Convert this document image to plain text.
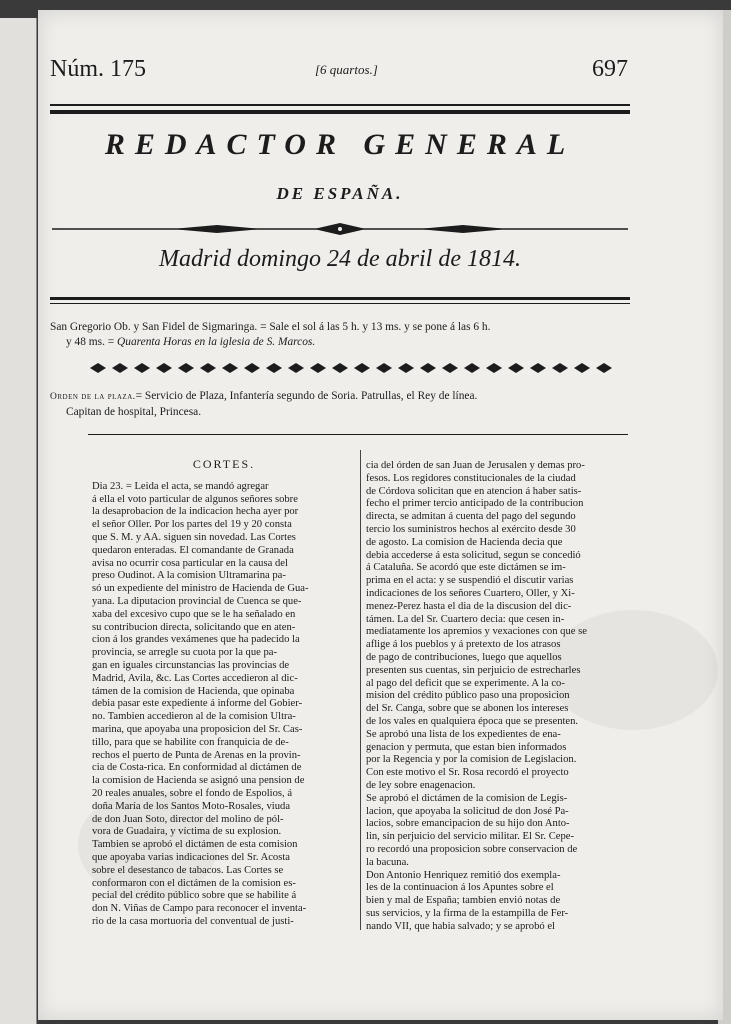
Núm. 175	[6 quartos.]	697
REDACTOR GENERAL
DE ESPAÑA.
Madrid domingo 24 de abril de 1814.

San Gregorio Ob. y San Fidel de Sigmaringa. = Sale el sol á las 5 h. y 13 ms. y se pone á las 6 h.

y 48 ms. = Quarenta Horas en la iglesia de S. Marcos.

Orden de la plaza.= Servicio de Plaza, Infantería segundo de Soria. Patrullas, el Rey de línea.

Capitan de hospital, Princesa.

CORTES.
Dia 23. = Leida el acta, se mandó agregar
á ella el voto particular de algunos señores sobre
la desaprobacion de la indicacion hecha ayer por
el señor Oller. Por los partes del 19 y 20 consta
que S. M. y AA. siguen sin novedad. Las Cortes
quedaron enteradas. El comandante de Granada
avisa no ocurrir cosa particular en la causa del
preso Oudinot. A la comision Ultramarina pa-
só un expediente del ministro de Hacienda de Gua-
yana. La diputacion provincial de Cuenca se que-
xaba del excesivo cupo que se le ha señalado en
su contribucion directa, solicitando que en aten-
cion á los grandes vexámenes que ha padecido la
provincia, se arregle su cuota por la que pa-
gan en iguales circunstancias las provincias de
Madrid, Avila, &c. Las Cortes accedieron al dic-
támen de la comision de Hacienda, que opinaba
debia pasar este expediente á informe del Gobier-
no. Tambien accedieron al de la comision Ultra-
marina, que apoyaba una proposicion del Sr. Cas-
tillo, para que se habilite con franquicia de de-
rechos el puerto de Punta de Arenas en la provin-
cia de Costa-rica. En conformidad al dictámen de
la comision de Hacienda se asignó una pension de
20 reales anuales, sobre el fondo de Espolios, á
doña María de los Santos Moto-Rosales, viuda
de don Juan Soto, director del molino de pól-
vora de Guadaira, y víctima de su explosion.
Tambien se aprobó el dictámen de esta comision
que apoyaba varias indicaciones del Sr. Acosta
sobre el desestanco de tabacos. Las Cortes se
conformaron con el dictámen de la comision es-
pecial del crédito público sobre que se habilite á
don N. Viñas de Campo para reconocer el inventa-
rio de la casa mortuoria del conventual de justi-
cia del órden de san Juan de Jerusalen y demas pro-
fesos. Los regidores constitucionales de la ciudad
de Córdova solicitan que en atencion á haber satis-
fecho el primer tercio anticipado de la contribucion
directa, se admitan á cuenta del pago del segundo
tercio los suministros hechos al exército desde 30
de agosto. La comision de Hacienda decia que
debia accederse á esta solicitud, segun se concedió
á Cataluña. Se acordó que este dictámen se im-
prima en el acta: y se suspendió el discutir varias
indicaciones de los señores Cuartero, Oller, y Xi-
menez-Perez hasta el dia de la discusion del dic-
támen. La del Sr. Cuartero decia: que cesen in-
mediatamente los apremios y vexaciones con que se
aflige á los pueblos y á pretexto de los atrasos
de pago de contribuciones, luego que aquellos
presenten sus cuentas, sin perjuicio de estrecharles
al pago del deficit que se experimente. A la co-
mision del crédito público paso una proposicion
del Sr. Canga, sobre que se abonen los intereses
de los vales en qualquiera época que se presenten.
Se aprobó una lista de los expedientes de ena-
genacion y permuta, que estan bien informados
por la Regencia y por la comision de Legislacion.
Con este motivo el Sr. Rosa recordó el proyecto
de ley sobre enagenacion.
Se aprobó el dictámen de la comision de Legis-
lacion, que apoyaba la solicitud de don José Pa-
lacios, sobre emancipacion de su hijo don Anto-
lin, sin perjuicio del servicio militar. El Sr. Cepe-
ro recordó una proposicion sobre conservacion de
la bacuna.
Don Antonio Henriquez remitió dos exempla-
les de la continuacion á los Apuntes sobre el
bien y mal de España; tambien envió notas de
sus servicios, y la firma de la estampilla de Fer-
nando VII, que habia salvado; y se aprobó el
